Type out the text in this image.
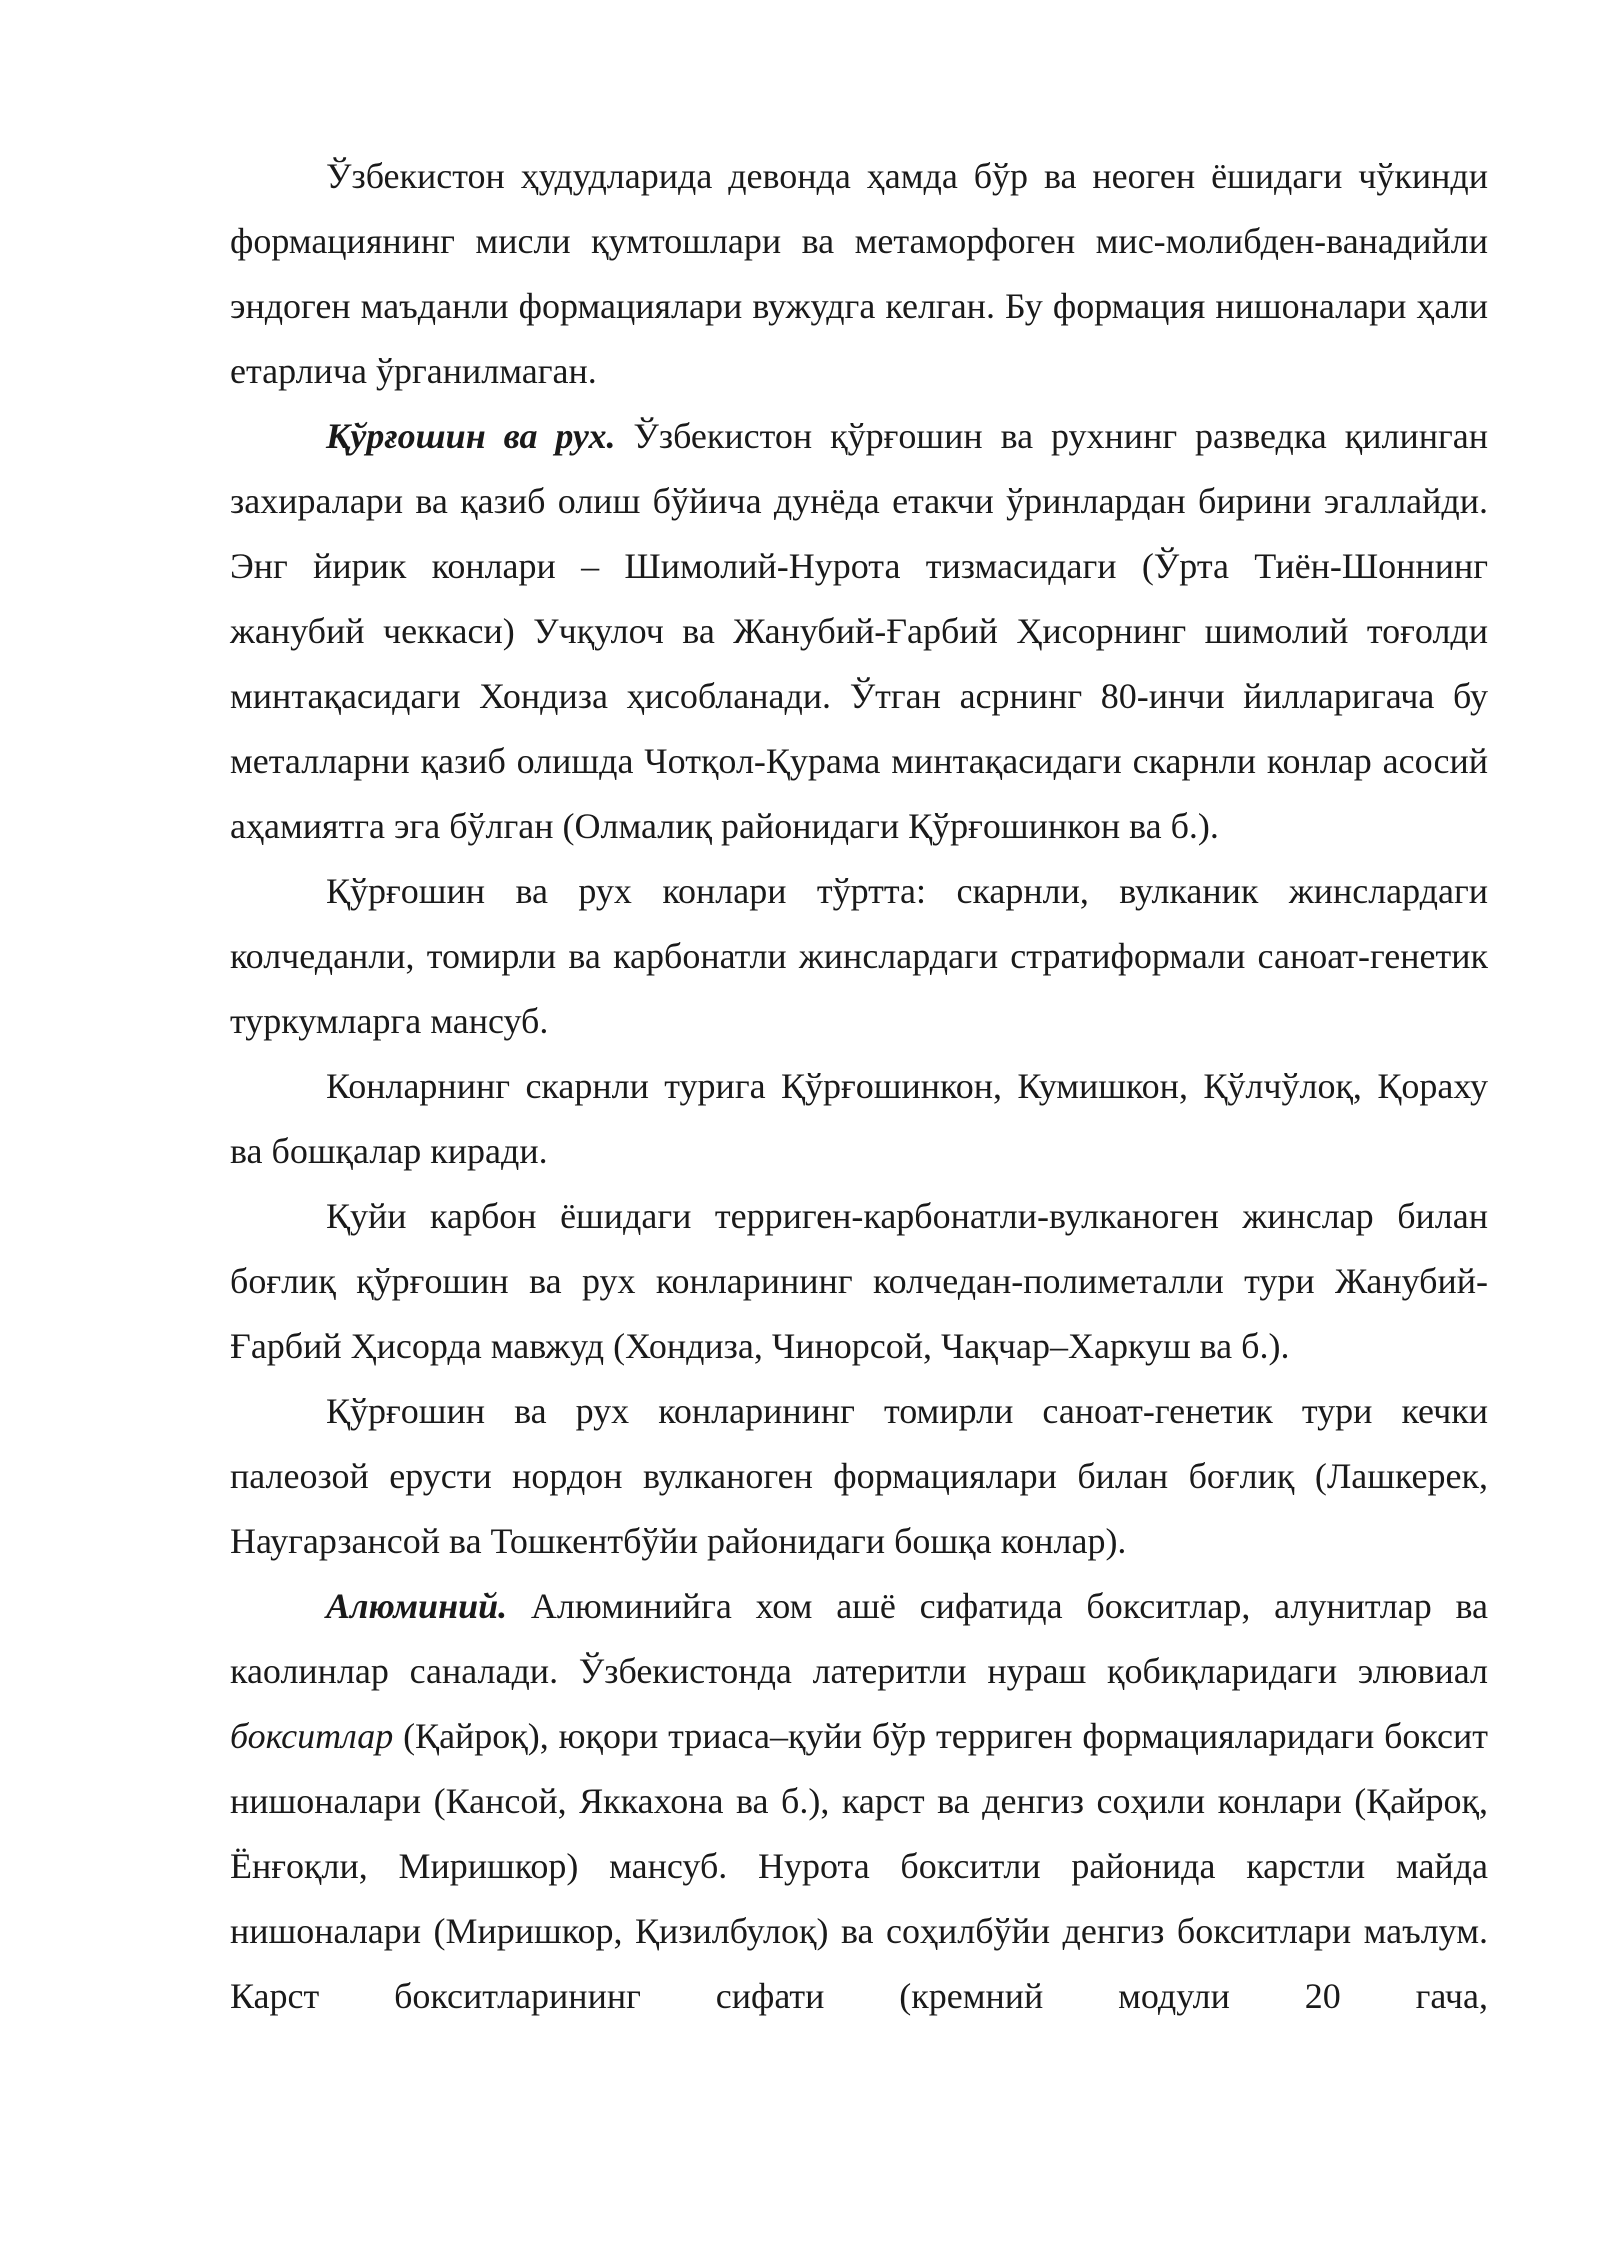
Ўзбекистон ҳудудларида девонда ҳамда бўр ва неоген ёшидаги чўкинди формациянинг мисли қумтошлари ва метаморфоген мис-молибден-ванадийли эндоген маъданли формациялари вужудга келган. Бу формация нишоналари ҳали етарлича ўрганилмаган.

Қўрғошин ва рух. Ўзбекистон қўрғошин ва рухнинг разведка қилинган захиралари ва қазиб олиш бўйича дунёда етакчи ўринлардан бирини эгаллайди. Энг йирик конлари – Шимолий-Нурота тизмасидаги (Ўрта Тиён-Шоннинг жанубий чеккаси) Учқулоч ва Жанубий-Ғарбий Ҳисорнинг шимолий тоғолди минтақасидаги Хондиза ҳисобланади. Ўтган асрнинг 80-инчи йилларигача бу металларни қазиб олишда Чотқол-Қурама минтақасидаги скарнли конлар асосий аҳамиятга эга бўлган (Олмалиқ районидаги Қўрғошинкон ва б.).

Қўрғошин ва рух конлари тўртта: скарнли, вулканик жинслардаги колчеданли, томирли ва карбонатли жинслардаги стратиформали саноат-генетик туркумларга мансуб.

Конларнинг скарнли турига Қўрғошинкон, Кумишкон, Қўлчўлоқ, Қораху ва бошқалар киради.

Қуйи карбон ёшидаги терриген-карбонатли-вулканоген жинслар билан боғлиқ қўрғошин ва рух конларининг колчедан-полиметалли тури Жанубий-Ғарбий Ҳисорда мавжуд (Хондиза, Чинорсой, Чақчар–Харкуш ва б.).

Қўрғошин ва рух конларининг томирли саноат-генетик тури кечки палеозой ерусти нордон вулканоген формациялари билан боғлиқ (Лашкерек, Наугарзансой ва Тошкентбўйи районидаги бошқа конлар).

Алюминий. Алюминийга хом ашё сифатида бокситлар, алунитлар ва каолинлар саналади. Ўзбекистонда латеритли нураш қобиқларидаги элювиал бокситлар (Қайроқ), юқори триаса–қуйи бўр терриген формацияларидаги боксит нишоналари (Кансой, Яккахона ва б.), карст ва денгиз соҳили конлари (Қайроқ, Ёнғоқли, Миришкор) мансуб. Нурота бокситли районида карстли майда нишоналари (Миришкор, Қизилбулоқ) ва соҳилбўйи денгиз бокситлари маълум. Карст бокситларининг сифати (кремний модули 20 гача,
